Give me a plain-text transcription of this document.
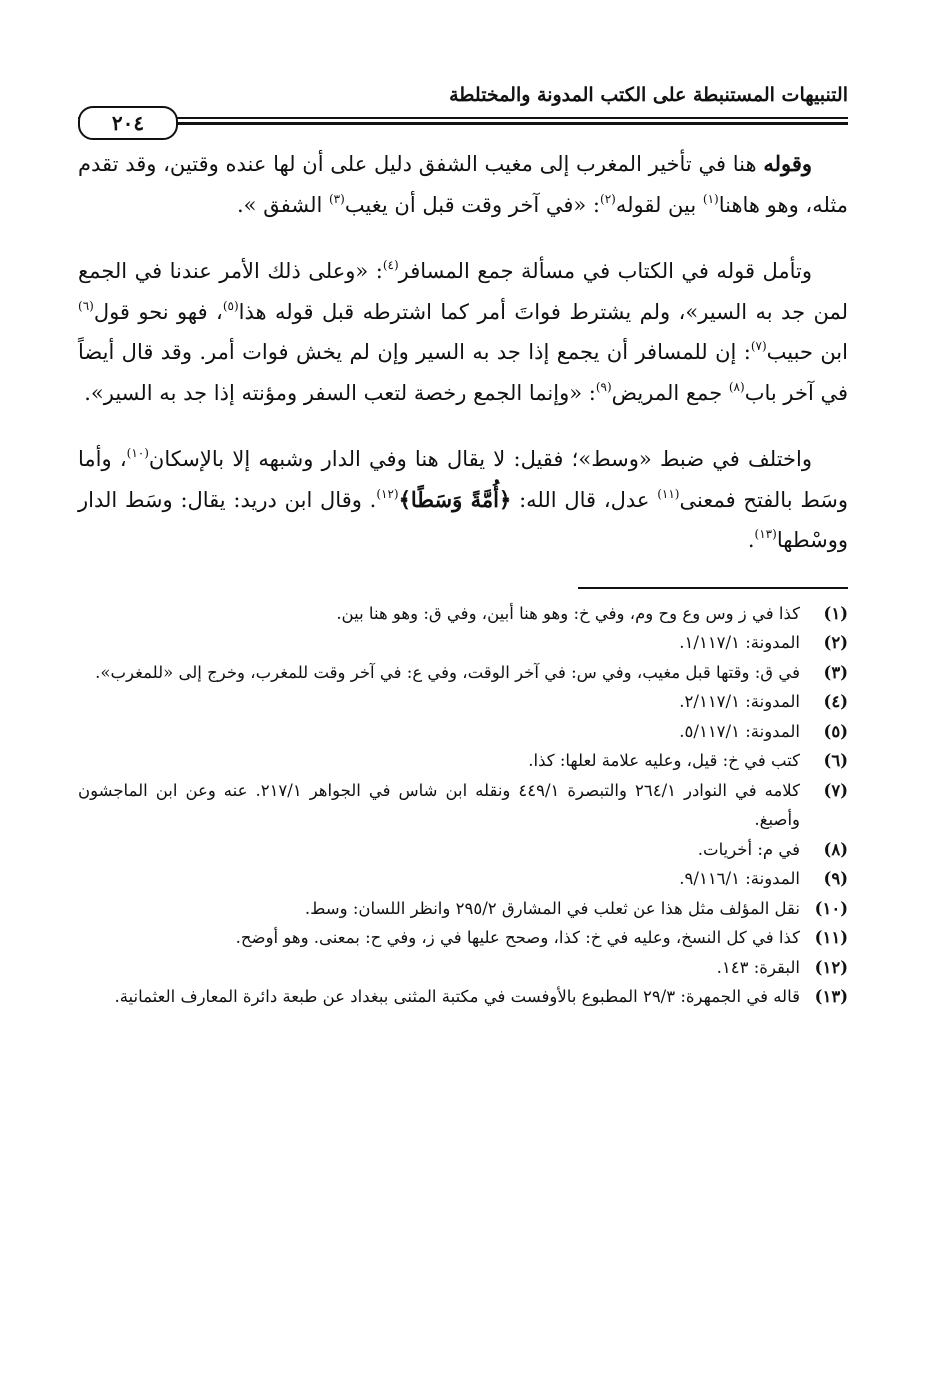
التنبيهات المستنبطة على الكتب المدونة والمختلطة
٢٠٤

وقوله هنا في تأخير المغرب إلى مغيب الشفق دليل على أن لها عنده وقتين، وقد تقدم مثله، وهو هاهنا$^{(١)}$ بين لقوله$^{(٢)}$: «في آخر وقت قبل أن يغيب$^{(٣)}$ الشفق ».

وتأمل قوله في الكتاب في مسألة جمع المسافر$^{(٤)}$: «وعلى ذلك الأمر عندنا في الجمع لمن جد به السير»، ولم يشترط فواتَ أمر كما اشترطه قبل قوله هذا$^{(٥)}$، فهو نحو قول$^{(٦)}$ ابن حبيب$^{(٧)}$: إن للمسافر أن يجمع إذا جد به السير وإن لم يخش فوات أمر. وقد قال أيضاً في آخر باب$^{(٨)}$ جمع المريض$^{(٩)}$: «وإنما الجمع رخصة لتعب السفر ومؤنته إذا جد به السير».

واختلف في ضبط «وسط»؛ فقيل: لا يقال هنا وفي الدار وشبهه إلا بالإسكان$^{(١٠)}$، وأما وسَط بالفتح فمعنى$^{(١١)}$ عدل، قال الله: ﴿أُمَّةً وَسَطًا﴾$^{(١٢)}$. وقال ابن دريد: يقال: وسَط الدار ووسْطها$^{(١٣)}$.

(١)
كذا في ز وس وع وح وم، وفي خ: وهو هنا أبين، وفي ق: وهو هنا بين.
(٢)
المدونة: ١/١١٧/١.
(٣)
في ق: وقتها قبل مغيب، وفي س: في آخر الوقت، وفي ع: في آخر وقت للمغرب، وخرج إلى «للمغرب».
(٤)
المدونة: ٢/١١٧/١.
(٥)
المدونة: ٥/١١٧/١.
(٦)
كتب في خ: قيل، وعليه علامة لعلها: كذا.
(٧)
كلامه في النوادر ٢٦٤/١ والتبصرة ٤٤٩/١ ونقله ابن شاس في الجواهر ٢١٧/١. عنه وعن ابن الماجشون وأصبغ.
(٨)
في م: أخريات.
(٩)
المدونة: ٩/١١٦/١.
(١٠)
نقل المؤلف مثل هذا عن ثعلب في المشارق ٢٩٥/٢ وانظر اللسان: وسط.
(١١)
كذا في كل النسخ، وعليه في خ: كذا، وصحح عليها في ز، وفي ح: بمعنى. وهو أوضح.
(١٢)
البقرة: ١٤٣.
(١٣)
قاله في الجمهرة: ٢٩/٣ المطبوع بالأوفست في مكتبة المثنى ببغداد عن طبعة دائرة المعارف العثمانية.
